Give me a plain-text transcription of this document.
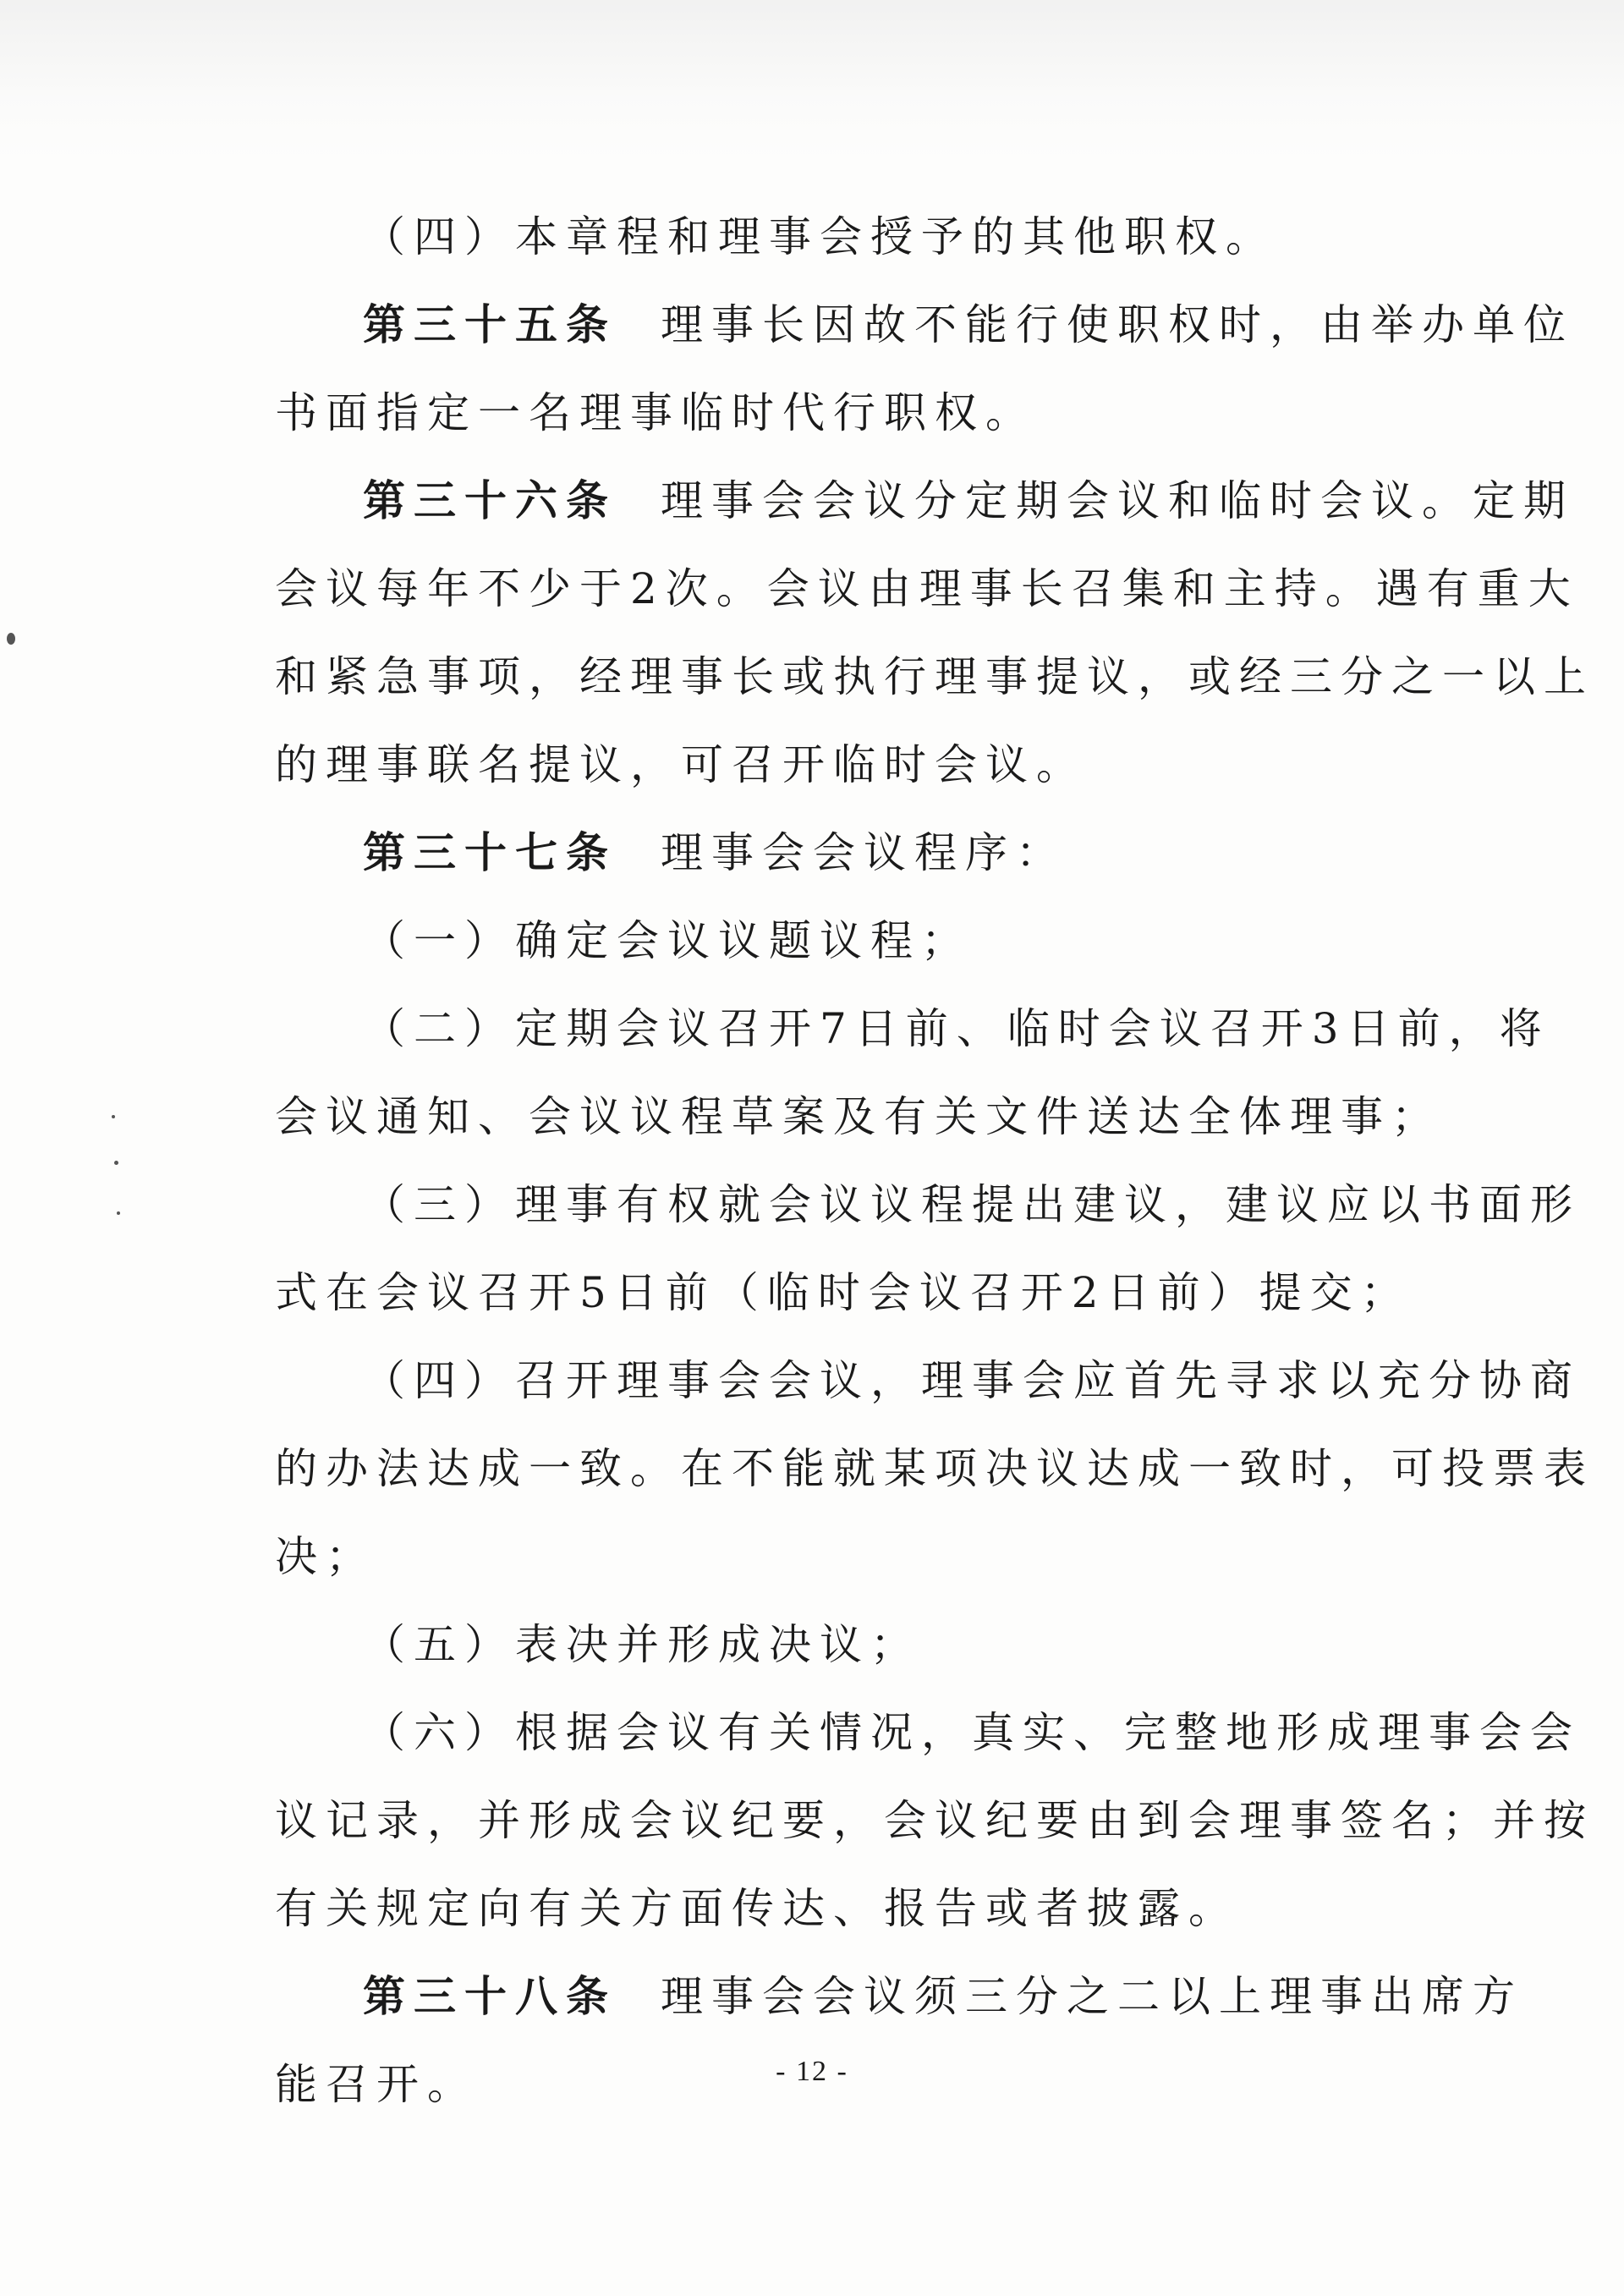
（四）本章程和理事会授予的其他职权。
第三十五条 理事长因故不能行使职权时，由举办单位
书面指定一名理事临时代行职权。
第三十六条 理事会会议分定期会议和临时会议。定期
会议每年不少于2次。会议由理事长召集和主持。遇有重大
和紧急事项，经理事长或执行理事提议，或经三分之一以上
的理事联名提议，可召开临时会议。
第三十七条 理事会会议程序：
（一）确定会议议题议程；
（二）定期会议召开7日前、临时会议召开3日前，将
会议通知、会议议程草案及有关文件送达全体理事；
（三）理事有权就会议议程提出建议，建议应以书面形
式在会议召开5日前（临时会议召开2日前）提交；
（四）召开理事会会议，理事会应首先寻求以充分协商
的办法达成一致。在不能就某项决议达成一致时，可投票表
决；
（五）表决并形成决议；
（六）根据会议有关情况，真实、完整地形成理事会会
议记录，并形成会议纪要，会议纪要由到会理事签名；并按
有关规定向有关方面传达、报告或者披露。
第三十八条 理事会会议须三分之二以上理事出席方
能召开。	- 12 -
